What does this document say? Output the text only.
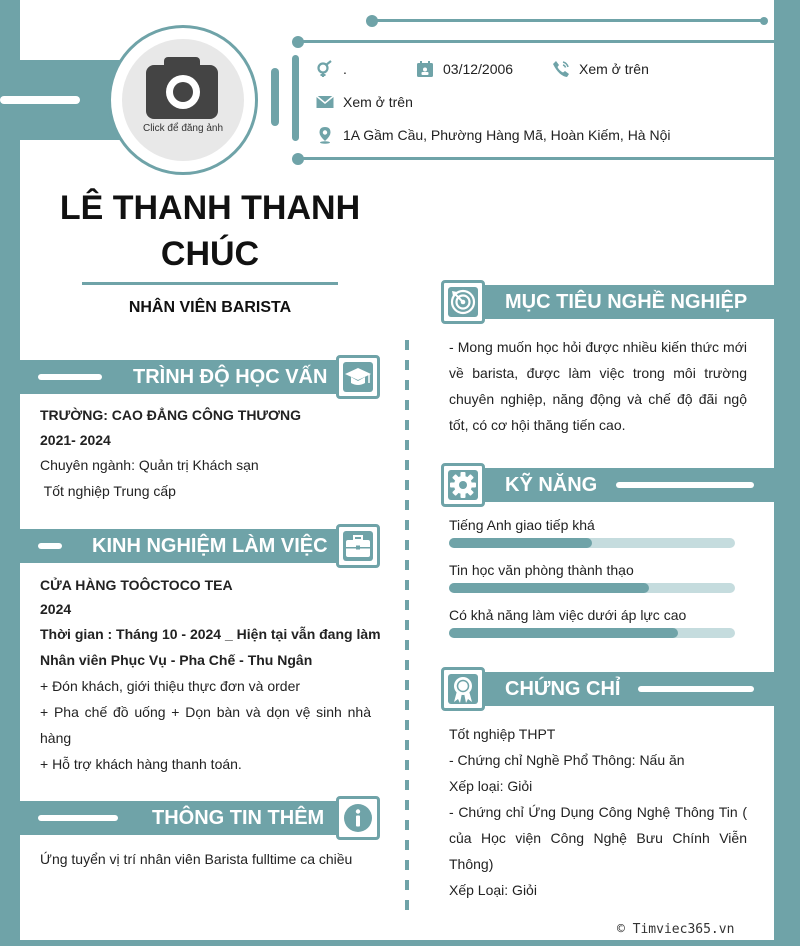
Click để đăng ảnh
.	03/12/2006	Xem ở trên
Xem ở trên
1A Gầm Cầu, Phường Hàng Mã, Hoàn Kiếm, Hà Nội
LÊ THANH THANH
CHÚC
NHÂN VIÊN BARISTA
TRÌNH ĐỘ HỌC VẤN
TRƯỜNG: CAO ĐẲNG CÔNG THƯƠNG
2021- 2024
Chuyên ngành: Quản trị Khách sạn
Tốt nghiệp Trung cấp
KINH NGHIỆM LÀM VIỆC
CỬA HÀNG TOÔCTOCO TEA
2024
Thời gian : Tháng 10 - 2024 _ Hiện tại vẫn đang làm
Nhân viên Phục Vụ - Pha Chế - Thu Ngân
+ Đón khách, giới thiệu thực đơn và order
+ Pha chế đồ uống + Dọn bàn và dọn vệ sinh nhà hàng
+ Hỗ trợ khách hàng thanh toán.
THÔNG TIN THÊM
Ứng tuyển vị trí nhân viên Barista fulltime ca chiều
MỤC TIÊU NGHỀ NGHIỆP
- Mong muốn học hỏi được nhiều kiến thức mới về barista, được làm việc trong môi trường chuyên nghiệp, năng động và chế độ đãi ngộ tốt, có cơ hội thăng tiến cao.
KỸ NĂNG
Tiếng Anh giao tiếp khá
Tin học văn phòng thành thạo
Có khả năng làm việc dưới áp lực cao
CHỨNG CHỈ
Tốt nghiệp THPT
- Chứng chỉ Nghề Phổ Thông: Nấu ăn
Xếp loại: Giỏi
- Chứng chỉ Ứng Dụng Công Nghệ Thông Tin ( của Học viện Công Nghệ Bưu Chính Viễn Thông)
Xếp Loại: Giỏi
© Timviec365.vn
